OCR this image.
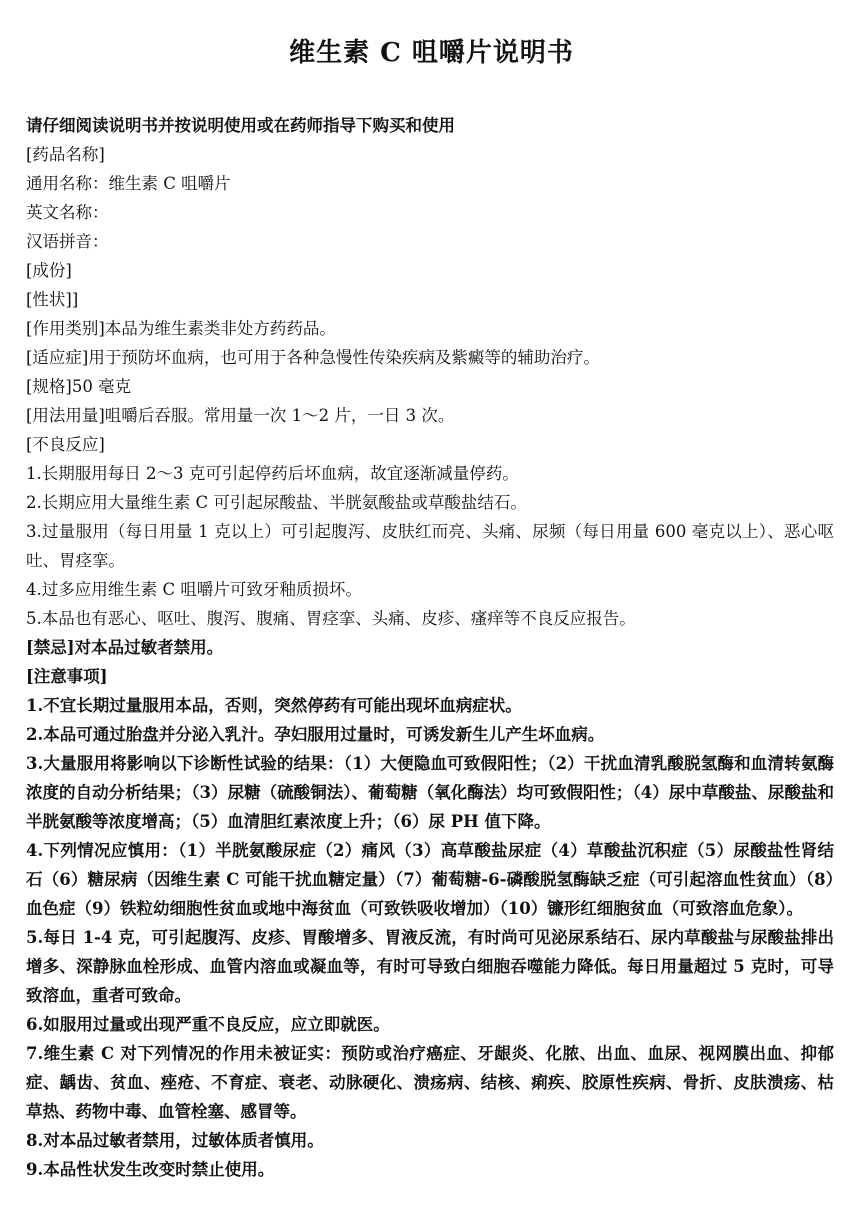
维生素 C 咀嚼片说明书

请仔细阅读说明书并按说明使用或在药师指导下购买和使用

[药品名称]

通用名称：维生素 C 咀嚼片

英文名称：

汉语拼音：

[成份]

[性状]]

[作用类别]本品为维生素类非处方药药品。

[适应症]用于预防坏血病，也可用于各种急慢性传染疾病及紫癜等的辅助治疗。

[规格]50 毫克

[用法用量]咀嚼后吞服。常用量一次 1～2 片，一日 3 次。

[不良反应]

1.长期服用每日 2～3 克可引起停药后坏血病，故宜逐渐减量停药。

2.长期应用大量维生素 C 可引起尿酸盐、半胱氨酸盐或草酸盐结石。

3.过量服用（每日用量 1 克以上）可引起腹泻、皮肤红而亮、头痛、尿频（每日用量 600 毫克以上）、恶心呕吐、胃痉挛。

4.过多应用维生素 C 咀嚼片可致牙釉质损坏。

5.本品也有恶心、呕吐、腹泻、腹痛、胃痉挛、头痛、皮疹、瘙痒等不良反应报告。

[禁忌]对本品过敏者禁用。

[注意事项]

1.不宜长期过量服用本品，否则，突然停药有可能出现坏血病症状。

2.本品可通过胎盘并分泌入乳汁。孕妇服用过量时，可诱发新生儿产生坏血病。

3.大量服用将影响以下诊断性试验的结果：（1）大便隐血可致假阳性；（2）干扰血清乳酸脱氢酶和血清转氨酶浓度的自动分析结果；（3）尿糖（硫酸铜法）、葡萄糖（氧化酶法）均可致假阳性；（4）尿中草酸盐、尿酸盐和半胱氨酸等浓度增高；（5）血清胆红素浓度上升；（6）尿 PH 值下降。

4.下列情况应慎用：（1）半胱氨酸尿症（2）痛风（3）高草酸盐尿症（4）草酸盐沉积症（5）尿酸盐性肾结石（6）糖尿病（因维生素 C 可能干扰血糖定量）（7）葡萄糖-6-磷酸脱氢酶缺乏症（可引起溶血性贫血）（8）血色症（9）铁粒幼细胞性贫血或地中海贫血（可致铁吸收增加）（10）镰形红细胞贫血（可致溶血危象）。

5.每日 1-4 克，可引起腹泻、皮疹、胃酸增多、胃液反流，有时尚可见泌尿系结石、尿内草酸盐与尿酸盐排出增多、深静脉血栓形成、血管内溶血或凝血等，有时可导致白细胞吞噬能力降低。每日用量超过 5 克时，可导致溶血，重者可致命。

6.如服用过量或出现严重不良反应，应立即就医。

7.维生素 C 对下列情况的作用未被证实：预防或治疗癌症、牙龈炎、化脓、出血、血尿、视网膜出血、抑郁症、龋齿、贫血、痤疮、不育症、衰老、动脉硬化、溃疡病、结核、痢疾、胶原性疾病、骨折、皮肤溃疡、枯草热、药物中毒、血管栓塞、感冒等。

8.对本品过敏者禁用，过敏体质者慎用。

9.本品性状发生改变时禁止使用。
